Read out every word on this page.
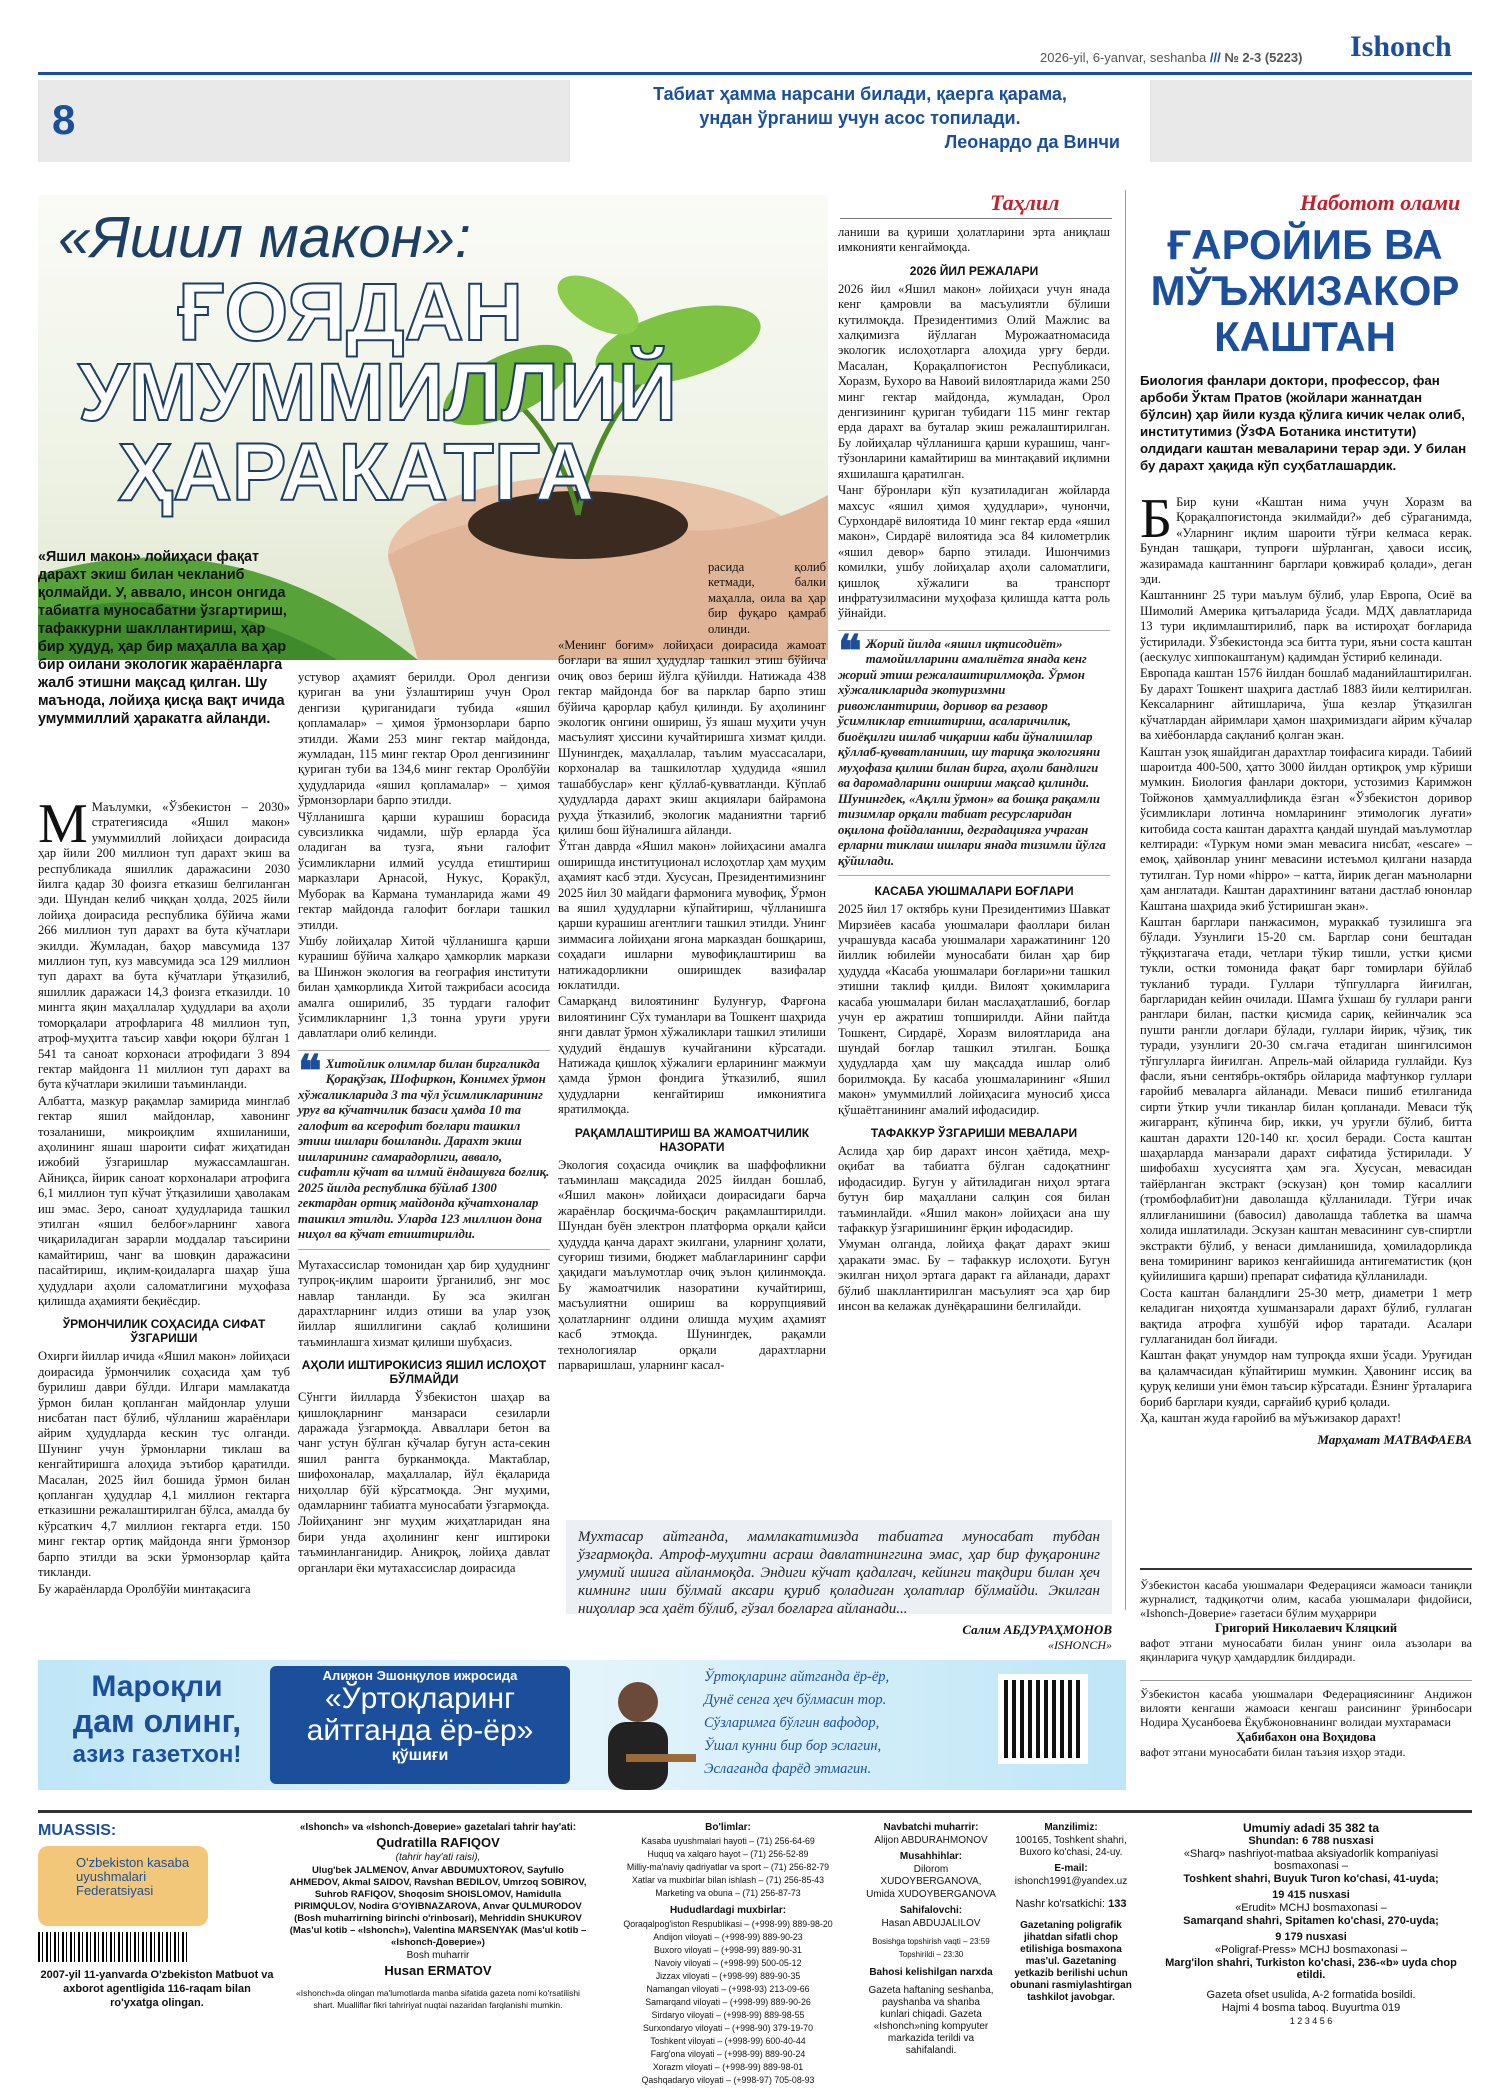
2026-yil, 6-yanvar, seshanba /// № 2-3 (5223) Ishonch
8
Табиат ҳамма нарсани билади, қаерга қарама,
ундан ўрганиш учун асос топилади.
Леонардо да Винчи
«Яшил макон»:
ҒОЯДАН
УМУММИЛЛИЙ
ҲАРАКАТГА
Таҳлил
«Яшил макон» лойиҳаси фақат дарахт экиш билан чекланиб қолмайди. У, аввало, инсон онгида табиатга муносабатни ўзгартириш, тафаккурни шакллантириш, ҳар бир ҳудуд, ҳар бир маҳалла ва ҳар бир оилани экологик жараёнларга жалб этишни мақсад қилган. Шу маънода, лойиҳа қисқа вақт ичида умуммиллий ҳаракатга айланди.

М Маълумки, «Ўзбекистон – 2030» стратегиясида «Яшил макон» умуммиллий лойиҳаси доирасида ҳар йили 200 миллион туп дарахт экиш ва республикада яшиллик даражасини 2030 йилга қадар 30 фоизга етказиш белгиланган эди. Шундан келиб чиққан ҳолда, 2025 йили лойиҳа доирасида республика бўйича жами 266 миллион туп дарахт ва бута кўчатлари экилди. Жумладан, баҳор мавсумида 137 миллион туп, куз мавсумида эса 129 миллион туп дарахт ва бута кўчатлари ўтқазилиб, яшиллик даражаси 14,3 фоизга етказилди. 10 мингга яқин маҳаллалар ҳудудлари ва аҳоли томорқалари атрофларига 48 миллион туп, атроф-муҳитга таъсир хавфи юқори бўлган 1 541 та саноат корхонаси атрофидаги 3 894 гектар майдонга 11 миллион туп дарахт ва бута кўчатлари экилиши таъминланди.

Албатта, мазкур рақамлар замирида минглаб гектар яшил майдонлар, хавонинг тозаланиши, микроиқлим яхшиланиши, аҳолининг яшаш шароити сифат жиҳатидан ижобий ўзгаришлар мужассамлашган. Айниқса, йирик саноат корхоналари атрофига 6,1 миллион туп кўчат ўтқазилиши ҳаволакам иш эмас. Зеро, саноат ҳудудларида ташкил этилган «яшил белбоғ»ларнинг хавога чиқариладиган зарарли моддалар таъсирини камайтириш, чанг ва шовқин даражасини пасайтириш, иқлим-қоидаларга шаҳар ўша ҳудудлари аҳоли саломатлигини муҳофаза қилишда аҳамияти беқиёсдир.

ЎРМОНЧИЛИК СОҲАСИДА СИФАТ ЎЗГАРИШИ

Охирги йиллар ичида «Яшил макон» лойиҳаси доирасида ўрмончилик соҳасида ҳам туб бурилиш даври бўлди. Илгари мамлакатда ўрмон билан қопланган майдонлар улуши нисбатан паст бўлиб, чўлланиш жараёнлари айрим ҳудудларда кескин тус олганди. Шунинг учун ўрмонларни тиклаш ва кенгайтиришга алоҳида эътибор қаратилди. Масалан, 2025 йил бошида ўрмон билан қопланган ҳудудлар 4,1 миллион гектарга етказишни режалаштирилган бўлса, амалда бу кўрсаткич 4,7 миллион гектарга етди. 150 минг гектар ортиқ майдонда янги ўрмонзор барпо этилди ва эски ўрмонзорлар қайта тикланди.

Бу жараёнларда Оролбўйи минтақасига

устувор аҳамият берилди. Орол денгизи қуриган ва уни ўзлаштириш учун Орол денгизи қуриганидаги тубида «яшил қопламалар» – ҳимоя ўрмонзорлари барпо этилди. Жами 253 минг гектар майдонда, жумладан, 115 минг гектар Орол денгизининг қуриган туби ва 134,6 минг гектар Оролбўйи ҳудудларида «яшил қопламалар» – ҳимоя ўрмонзорлари барпо этилди.

Чўлланишга қарши курашиш борасида сувсизликка чидамли, шўр ерларда ўса оладиган ва тузга, яъни галофит ўсимликларни илмий усулда етиштириш марказлари Арнасой, Нукус, Қоракўл, Муборак ва Кармана туманларида жами 49 гектар майдонда галофит боғлари ташкил этилди.

Ушбу лойиҳалар Хитой чўлланишга қарши курашиш бўйича халқаро ҳамкорлик маркази ва Шинжон экология ва география институти билан ҳамкорликда Хитой тажрибаси асосида амалга оширилиб, 35 турдаги галофит ўсимликларнинг 1,3 тонна уруғи уруғи давлатлари олиб келинди.

❝ Хитойлик олимлар билан биргаликда Қорақўзак, Шофиркон, Конимех ўрмон хўжаликларида 3 та чўл ўсимликларининг уруғ ва кўчатчилик базаси ҳамда 10 та галофит ва ксерофит боғлари ташкил этиш ишлари бошланди. Дарахт экиш ишларининг самарадорлиги, аввало, сифатли кўчат ва илмий ёндашувга боғлиқ. 2025 йилда республика бўйлаб 1300 гектардан ортиқ майдонда кўчатхоналар ташкил этилди. Уларда 123 миллион дона ниҳол ва кўчат етиштирилди.

Мутахассислар томонидан ҳар бир ҳудуднинг тупроқ-иқлим шароити ўрганилиб, энг мос навлар танланди. Бу эса экилган дарахтларнинг илдиз отиши ва улар узоқ йиллар яшиллигини сақлаб қолишини таъминлашга хизмат қилиши шубҳасиз.

АҲОЛИ ИШТИРОКИСИЗ ЯШИЛ ИСЛОҲОТ БЎЛМАЙДИ

Сўнгги йилларда Ўзбекистон шаҳар ва қишлоқларнинг манзараси сезиларли даражада ўзгармоқда. Авваллари бетон ва чанг устун бўлган кўчалар бугун аста-секин яшил рангга бурканмоқда. Мактаблар, шифохоналар, маҳаллалар, йўл ёқаларида ниҳоллар бўй кўрсатмоқда. Энг муҳими, одамларнинг табиатга муносабати ўзгармоқда.

Лойиҳанинг энг муҳим жиҳатларидан яна бири унда аҳолининг кенг иштироки таъминланганидир. Аниқроқ, лойиҳа давлат органлари ёки мутахассислар доирасида

расида қолиб кетмади, балки маҳалла, оила ва ҳар бир фуқаро қамраб олинди.

«Менинг боғим» лойиҳаси доирасида жамоат боғлари ва яшил ҳудудлар ташкил этиш бўйича очиқ овоз бериш йўлга қўйилди. Натижада 438 гектар майдонда боғ ва парклар барпо этиш бўйича қарорлар қабул қилинди. Бу аҳолининг экологик онгини ошириш, ўз яшаш муҳити учун масъулият ҳиссини кучайтиришга хизмат қилди. Шунингдек, маҳаллалар, таълим муассасалари, корхоналар ва ташкилотлар ҳудудида «яшил ташаббуслар» кенг қўллаб-қувватланди. Кўплаб ҳудудларда дарахт экиш акциялари байрамона руҳда ўтказилиб, экологик маданиятни тарғиб қилиш бош йўналишга айланди.

Ўтган даврда «Яшил макон» лойиҳасини амалга оширишда институционал ислоҳотлар ҳам муҳим аҳамият касб этди. Хусусан, Президентимизнинг 2025 йил 30 майдаги фармонига мувофиқ, Ўрмон ва яшил ҳудудларни кўпайтириш, чўлланишга қарши курашиш агентлиги ташкил этилди. Унинг зиммасига лойиҳани ягона марказдан бошқариш, соҳадаги ишларни мувофиқлаштириш ва натижадорликни оширишдек вазифалар юклатилди.

Самарқанд вилоятининг Булунғур, Фарғона вилоятининг Сўх туманлари ва Тошкент шаҳрида янги давлат ўрмон хўжаликлари ташкил этилиши ҳудудий ёндашув кучайганини кўрсатади. Натижада қишлоқ хўжалиги ерларининг мажмуи ҳамда ўрмон фондига ўтказилиб, яшил ҳудудларни кенгайтириш имкониятига яратилмоқда.

РАҚАМЛАШТИРИШ ВА ЖАМОАТЧИЛИК НАЗОРАТИ

Экология соҳасида очиқлик ва шаффофликни таъминлаш мақсадида 2025 йилдан бошлаб, «Яшил макон» лойиҳаси доирасидаги барча жараёнлар босқичма-босқич рақамлаштирилди. Шундан буён электрон платформа орқали қайси ҳудудда қанча дарахт экилгани, уларнинг ҳолати, суғориш тизими, бюджет маблағларининг сарфи ҳақидаги маълумотлар очиқ эълон қилинмоқда. Бу жамоатчилик назоратини кучайтириш, масъулиятни ошириш ва коррупциявий ҳолатларнинг олдини олишда муҳим аҳамият касб этмоқда. Шунингдек, рақамли технологиялар орқали дарахтларни парваришлаш, уларнинг касал-

ланиши ва қуриши ҳолатларини эрта аниқлаш имконияти кенгаймоқда.

2026 ЙИЛ РЕЖАЛАРИ

2026 йил «Яшил макон» лойиҳаси учун янада кенг қамровли ва масъулиятли бўлиши кутилмоқда. Президентимиз Олий Мажлис ва халқимизга йўллаган Мурожаатномасида экологик ислоҳотларга алоҳида урғу берди. Масалан, Қорақалпоғистон Республикаси, Хоразм, Бухоро ва Навоий вилоятларида жами 250 минг гектар майдонда, жумладан, Орол денгизининг қуриган тубидаги 115 минг гектар ерда дарахт ва буталар экиш режалаштирилган. Бу лойиҳалар чўлланишга қарши курашиш, чанг-тўзонларини камайтириш ва минтақавий иқлимни яхшилашга қаратилган.

Чанг бўронлари кўп кузатиладиган жойларда махсус «яшил ҳимоя ҳудудлари», чунончи, Сурхондарё вилоятида 10 минг гектар ерда «яшил макон», Сирдарё вилоятида эса 84 километрлик «яшил девор» барпо этилади. Ишончимиз комилки, ушбу лойиҳалар аҳоли саломатлиги, қишлоқ хўжалиги ва транспорт инфратузилмасини муҳофаза қилишда катта роль ўйнайди.

❝ Жорий йилда «яшил иқтисодиёт» тамойилларини амалиётга янада кенг жорий этиш режалаштирилмоқда. Ўрмон хўжаликларида экотуризмни ривожлантириш, доривор ва резавор ўсимликлар етиштириш, асаларичилик, биоёқилғи ишлаб чиқариш каби йўналишлар қўллаб-қувватланиши, шу тариқа экологияни муҳофаза қилиш билан бирга, аҳоли бандлиги ва даромадларини ошириш мақсад қилинди. Шунингдек, «Ақлли ўрмон» ва бошқа рақамли тизимлар орқали табиат ресурсларидан оқилона фойдаланиш, деградацияга учраган ерларни тиклаш ишлари янада тизимли йўлга қўйилади.
КАСАБА УЮШМАЛАРИ БОҒЛАРИ

2025 йил 17 октябрь куни Президентимиз Шавкат Мирзиёев касаба уюшмалари фаоллари билан учрашувда касаба уюшмалари харажатининг 120 йиллик юбилейи муносабати билан ҳар бир ҳудудда «Касаба уюшмалари боғлари»ни ташкил этишни таклиф қилди. Вилоят ҳокимларига касаба уюшмалари билан маслаҳатлашиб, боғлар учун ер ажратиш топширилди. Айни пайтда Тошкент, Сирдарё, Хоразм вилоятларида ана шундай боғлар ташкил этилган. Бошқа ҳудудларда ҳам шу мақсадда ишлар олиб борилмоқда. Бу касаба уюшмаларининг «Яшил макон» умуммиллий лойиҳасига муносиб ҳисса қўшаётганининг амалий ифодасидир.

ТАФАККУР ЎЗГАРИШИ МЕВАЛАРИ

Аслида ҳар бир дарахт инсон ҳаётида, меҳр-оқибат ва табиатга бўлган садоқатнинг ифодасидир. Бугун у айтиладиган ниҳол эртага бутун бир маҳаллани салқин соя билан таъминлайди. «Яшил макон» лойиҳаси ана шу тафаккур ўзгаришининг ёрқин ифодасидир.

Умуман олганда, лойиҳа фақат дарахт экиш ҳаракати эмас. Бу – тафаккур ислоҳоти. Бугун экилган ниҳол эртага даракт га айланади, дарахт бўлиб шакллантирилган масъулият эса ҳар бир инсон ва келажак дунёқарашини белгилайди.

Мухтасар айтганда, мамлакатимизда табиатга муносабат тубдан ўзгармоқда. Атроф-муҳитни асраш давлатнинггина эмас, ҳар бир фуқаронинг умумий ишига айланмоқда. Эндиги кўчат қадалгач, кейинги тақдири билан ҳеч кимнинг иши бўлмай аксари қуриб қоладиган ҳолатлар бўлмайди. Экилган ниҳоллар эса ҳаёт бўлиб, гўзал боғларга айланади...
Салим АБДУРАҲМОНОВ
«ISHONCH»
Наботот олами
ҒАРОЙИБ ВА
МЎЪЖИЗАКОР
КАШТАН
Биология фанлари доктори, профессор, фан арбоби Ўктам Пратов (жойлари жаннатдан бўлсин) ҳар йили кузда қўлига кичик челак олиб, институтимиз (ЎзФА Ботаника институти) олдидаги каштан меваларини терар эди. У билан бу дарахт ҳақида кўп суҳбатлашардик.

Б Бир куни «Каштан нима учун Хоразм ва Қорақалпоғистонда экилмайди?» деб сўраганимда, «Уларнинг иқлим шароити тўғри келмаса керак. Бундан ташқари, тупроғи шўрланган, ҳавоси иссиқ, жазирамада каштаннинг барглари қовжираб қолади», деган эди.

Каштаннинг 25 тури маълум бўлиб, улар Европа, Осиё ва Шимолий Америка қитъаларида ўсади. МДҲ давлатларида 13 тури иқлимлаштирилиб, парк ва истироҳат боғларида ўстирилади. Ўзбекистонда эса битта тури, яъни соста каштан (аескулус хиппокаштанум) қадимдан ўстириб келинади.

Европада каштан 1576 йилдан бошлаб маданийлаштирилган. Бу дарахт Тошкент шаҳрига дастлаб 1883 йили келтирилган. Кексаларнинг айтишларича, ўша кезлар ўтқазилган кўчатлардан айримлари ҳамон шаҳримиздаги айрим кўчалар ва хиёбонларда сақланиб қолган экан.

Каштан узоқ яшайдиган дарахтлар тоифасига киради. Табиий шароитда 400-500, ҳатто 3000 йилдан ортиқроқ умр кўриши мумкин. Биология фанлари доктори, устозимиз Каримжон Тойжонов ҳаммуаллифликда ёзган «Ўзбекистон доривор ўсимликлари лотинча номларининг этимологик луғати» китобида соста каштан дарахтга қандай шундай маълумотлар келтиради: «Туркум номи эман мевасига нисбат, «escare» – емоқ, ҳайвонлар унинг мевасини истеъмол қилгани назарда тутилган. Тур номи «hippo» – катта, йирик деган маъноларни ҳам англатади. Каштан дарахтининг ватани дастлаб юнонлар Каштана шаҳрида экиб ўстиришган экан».

Каштан барглари панжасимон, мураккаб тузилишга эга бўлади. Узунлиги 15-20 см. Барглар сони бештадан тўққизтагача етади, четлари тўкир тишли, устки қисми тукли, остки томонида фақат барг томирлари бўйлаб тукланиб туради. Гуллари тўпгулларга йиғилган, баргларидан кейин очилади. Шамга ўхшаш бу гуллари ранги ранглари билан, пастки қисмида сариқ, кейинчалик эса пушти рангли доғлари бўлади, гуллари йирик, чўзиқ, тик туради, узунлиги 20-30 см.гача етадиган шингилсимон тўпгулларга йиғилган. Апрель-май ойларида гуллайди. Куз фасли, яъни сентябрь-октябрь ойларида мафтункор гуллари ғаройиб меваларга айланади. Меваси пишиб етилганида сирти ўткир учли тиканлар билан қопланади. Меваси тўқ жигаррант, кўпинча бир, икки, уч уруғли бўлиб, битта каштан дарахти 120-140 кг. ҳосил беради. Соста каштан шаҳарларда манзарали дарахт сифатида ўстирилади. У шифобахш хусусиятга ҳам эга. Хусусан, мевасидан тайёрланган экстракт (эскузан) қон томир касаллиги (тромбофлабит)ни даволашда қўлланилади. Тўғри ичак яллиғланишини (бавосил) даволашда таблетка ва шамча холида ишлатилади. Эскузан каштан мевасининг сув-спиртли экстракти бўлиб, у венаси димланишида, ҳомиладорликда вена томирининг варикоз кенгайишида антигематистик (қон қуйилишига қарши) препарат сифатида қўлланилади.

Соста каштан баландлиги 25-30 метр, диаметри 1 метр келадиган ниҳоятда хушманзарали дарахт бўлиб, гуллаган вақтида атрофга хушбўй ифор таратади. Асалари гуллаганидан бол йиғади.

Каштан фақат унумдор нам тупроқда яхши ўсади. Уруғидан ва қаламчасидан кўпайтириш мумкин. Ҳавонинг иссиқ ва қуруқ келиши уни ёмон таъсир кўрсатади. Ёзнинг ўрталарига бориб барглари куяди, сарғайиб қуриб қолади.

Ҳа, каштан жуда ғаройиб ва мўъжизакор дарахт!

Марҳамат МАТВАФАЕВА

Ўзбекистон касаба уюшмалари Федерацияси жамоаси таниқли журналист, тадқиқотчи олим, касаба уюшмалари фидойиси, «Ishonch-Доверие» газетаси бўлим муҳаррири

Григорий Николаевич Кляцкий

вафот этгани муносабати билан унинг оила аъзолари ва яқинларига чуқур ҳамдардлик билдиради.

Ўзбекистон касаба уюшмалари Федерациясининг Андижон вилояти кенгаши жамоаси кенгаш раисининг ўринбосари Нодира Ҳусанбоева Ёқубжоновнанинг волидаи мухтарамаси

Ҳабибахон она Воҳидова

вафот этгани муносабати билан таъзия изҳор этади.

Мароқли
дам олинг,
азиз газетхон!
Алижон Эшонқулов ижросида
«Ўртоқларинг
айтганда ёр-ёр»
қўшиғи
Ўртоқларинг айтганда ёр-ёр,
Дунё сенга ҳеч бўлмасин тор.
Сўзларимга бўлгин вафодор,
Ўшал кунни бир бор эслагин,
Эслаганда фарёд этмагин.
MUASSIS:
O'zbekiston kasaba uyushmalari Federatsiyasi

2007-yil 11-yanvarda O'zbekiston Matbuot va axborot agentligida 116-raqam bilan ro'yxatga olingan.

«Ishonch» va «Ishonch-Доверие» gazetalari tahrir hay'ati:

Qudratilla RAFIQOV

(tahrir hay'ati raisi),

Ulug'bek JALMENOV, Anvar ABDUMUXTOROV, Sayfullo AHMEDOV, Akmal SAIDOV, Ravshan BEDILOV, Umrzoq SOBIROV, Suhrob RAFIQOV, Shoqosim SHOISLOMOV, Hamidulla PIRIMQULOV, Nodira G'OYIBNAZAROVA, Anvar QULMURODOV (Bosh muharrirning birinchi o'rinbosari), Mehriddin SHUKUROV (Mas'ul kotib – «Ishonch»), Valentina MARSENYAK (Mas'ul kotib – «Ishonch-Доверие»)

Bosh muharrir

Husan ERMATOV

«Ishonch»da olingan ma'lumotlarda manba sifatida gazeta nomi ko'rsatilishi shart. Mualliflar fikri tahririyat nuqtai nazaridan farqlanishi mumkin.

Bo'limlar:

Kasaba uyushmalari hayoti – (71) 256-64-69

Huquq va xalqaro hayot – (71) 256-52-89

Milliy-ma'naviy qadriyatlar va sport – (71) 256-82-79

Xatlar va muxbirlar bilan ishlash – (71) 256-85-43

Marketing va obuna – (71) 256-87-73

Hududlardagi muxbirlar:

Qoraqalpog'iston Respublikasi – (+998-99) 889-98-20

Andijon viloyati – (+998-99) 889-90-23

Buxoro viloyati – (+998-99) 889-90-31

Navoiy viloyati – (+998-99) 500-05-12

Jizzax viloyati – (+998-99) 889-90-35

Namangan viloyati – (+998-93) 213-09-66

Samarqand viloyati – (+998-99) 889-90-26

Sirdaryo viloyati – (+998-99) 889-98-55

Surxondaryo viloyati – (+998-90) 379-19-70

Toshkent viloyati – (+998-99) 600-40-44

Farg'ona viloyati – (+998-99) 889-90-24

Xorazm viloyati – (+998-99) 889-98-01

Qashqadaryo viloyati – (+998-97) 705-08-93

Navbatchi muharrir:

Alijon ABDURAHMONOV

Musahhihlar:

Dilorom XUDOYBERGANOVA,

Umida XUDOYBERGANOVA

Sahifalovchi:

Hasan ABDUJALILOV

Bosishga topshirish vaqti – 23:59

Topshirildi – 23:30

Bahosi kelishilgan narxda

Gazeta haftaning seshanba, payshanba va shanba kunlari chiqadi. Gazeta «Ishonch»ning kompyuter markazida terildi va sahifalandi.

Manzilimiz:

100165, Toshkent shahri, Buxoro ko'chasi, 24-uy.

E-mail:

ishonch1991@yandex.uz

Nashr ko'rsatkichi: 133

Gazetaning poligrafik jihatdan sifatli chop etilishiga bosmaxona mas'ul. Gazetaning yetkazib berilishi uchun obunani rasmiylashtirgan tashkilot javobgar.

Umumiy adadi 35 382 ta

Shundan: 6 788 nusxasi

«Sharq» nashriyot-matbaa aksiyadorlik kompaniyasi bosmaxonasi –

Toshkent shahri, Buyuk Turon ko'chasi, 41-uyda;

19 415 nusxasi

«Erudit» MCHJ bosmaxonasi –

Samarqand shahri, Spitamen ko'chasi, 270-uyda;

9 179 nusxasi

«Poligraf-Press» MCHJ bosmaxonasi –

Marg'ilon shahri, Turkiston ko'chasi, 236-«b» uyda chop etildi.

Gazeta ofset usulida, A-2 formatida bosildi.

Hajmi 4 bosma taboq. Buyurtma 019

1 2 3 4 5 6
